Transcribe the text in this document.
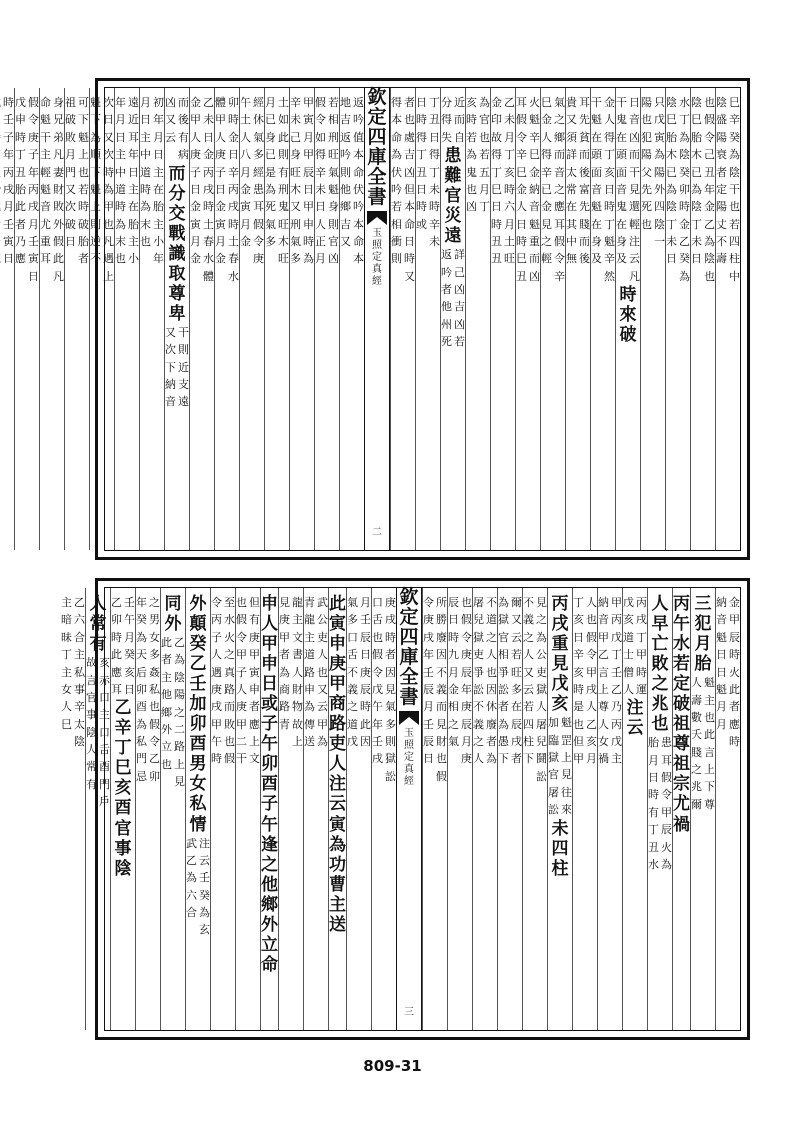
巳
辛
癸
為
陰
干
也
若
四
柱
中
陰
盛
陽
衰
者
定
陽
丈
不
壽
也
假
令
己
丑
年
金
乙
為
陰
也
陰
巳
胎
木
已
為
陰
丁
未
日
水
丁
為
陰
癸
卯
時
金
乙
癸
為
陰
巳
胎
木
已
為
陰
丁
未
日
只
戊
寅
為
陽
外
四
陰
一
陽
也
犯
陽
父
先
死
也
日
音
凶
而
干
見
還
輕
注
云
凡
干
鬼
在
頭
面
音
鬼
在
身
及
時
來
破
金
人
得
丁
亥
日
時
丁
魁
辛
然
干
魁
在
頭
面
音
魁
在
身
及
耳
先
貧
而
後
富
先
賤
而
後
貴
又
須
詳
太
常
在
其
中
無
氣
之
鄉
而
音
之
應
耳
假
令
辛
巳
金
人
得
辛
已
金
見
之
輕
火
魁
辛
巳
金
納
音
魁
重
而
凶
耳
假
令
辛
巳
金
人
日
時
巳
丑
乙
未
月
丁
亥
時
六
月
土
旺
金
印
故
得
丁
巳
日
時
丑
丑
為
官
也
若
五
月
丁
亥
時
若
為
鬼
也
凶
近
而
自
分
得
失
患
難
官
災
遠
詳
己
凶
吉
凶
若
返
吟
者
他
州
死
丁
丑
日
得
丁
未
時
辛
未
日
時
得
丁
丑
日
時
或
者
也
處
吉
凶
但
本
命
日
時
又
得
本
命
為
伏
吟
若
相
衝
則
欽
定
四
庫
全
書
玉
照
定
真
經
二
返
吟
值
本
命
伏
吟
本
命
本
地
吉
返
吟
則
他
鄉
吉
又
若
相
刑
旺
氣
魁
身
則
官
凶
假
令
如
得
辛
未
日
人
正
月
甲
寅
月
甲
辰
日
甲
申
時
為
辛
未
己
身
旺
木
又
刑
氣
多
土
如
此
則
有
刑
鬼
旺
木
旺
月
已
身
已
是
為
死
氣
多
經
休
氣
多
經
患
耳
假
令
庚
午
土
人
八
月
金
寅
月
金
卯
時
金
日
辛
丙
戌
時
土
春
水
體
甲
人
庚
子
日
金
寅
月
金
乙
未
日
金
丙
戌
時
土
春
水
體
金
甲
人
庚
子
日
金
寅
月
金
而
後
有
病
凶
又
云
而
分
交
戰
識
取
尊
卑
干
則
近
支
遠
又
次
下
納
音
初
年
月
日
主
在
胎
主
小
年
月
日
主
中
道
時
為
末
也
遠
近
耳
年
日
主
在
胎
主
小
年
月
日
主
中
道
時
為
末
也
次
日
又
次
時
為
甲
也
凡
遇
上
魁
下
為
順
下
魁
上
則
逆
不
可
下
魁
上
也
若
時
破
胎
者
祖
破
敗
月
門
又
次
破
日
身
兄
弟
凡
妻
財
敗
外
假
此
凡
命
魁
干
主
輕
魁
音
尤
重
耳
假
令
庚
子
年
丙
戌
月
壬
寅
日
戊
申
時
丁
丑
胎
此
者
乃
應
時
壬
子
年
丙
戌
月
壬
寅
日
金
甲
辰
時
火
此
者
應
時
納
音
魁
日
日
魁
月
月
三
犯
月
胎
魁
主
也
此
言
上
下
尊
人
壽
數
夭
賤
之
兆
爾
丙
午
水
若
定
破
祖
尊
祖
宗
尤
禍
人
早
亡
敗
之
兆
也
患
耳
假
令
甲
辰
火
為
胎
月
日
時
有
丁
丑
水
丙
戌
丁
甲
時
運
戊
亥
道
士
僧
人
注
云
甲
丙
戊
丁
壬
乙
乃
丙
戊
主
納
音
甲
乙
言
上
尊
人
女
禍
人
也
假
令
甲
戌
人
乙
亥
月
丁
亥
日
辛
亥
時
是
也
但
甲
丙
戌
重
見
戊
亥
魁
罡
上
見
往
來
加
臨
獄
官
屠
訟
未
四
柱
見
之
為
公
吏
獄
人
屠
兒
鬪
訟
不
義
之
人
又
云
若
四
柱
下
爾
又
云
若
旺
多
在
辰
戌
者
為
獄
官
相
爭
訟
者
為
愚
下
不
道
之
人
也
因
休
廢
者
為
屠
兒
獄
吏
爭
訟
不
義
之
人
也
假
令
庚
辰
年
庚
辰
月
庚
辰
日
時
九
月
金
相
之
氣
所
勝
廢
因
不
義
而
見
財
也
假
令
庚
戌
年
壬
辰
月
壬
辰
日
欽
定
四
庫
全
書
玉
照
定
真
經
三
庚
戌
時
者
因
見
氣
多
則
獄
訟
口
舌
也
假
令
戊
午
年
壬
戌
月
壬
辰
日
庚
辰
時
此
因
氣
多
口
舌
不
義
之
道
戊
此
寅
申
庚
甲
商
路
吏
人
注
云
寅
為
功
曹
主
送
武
公
吏
人
也
又
云
甲
為
青
龍
主
道
路
申
為
傳
送
龍
主
文
書
人
財
物
故
上
見
庚
甲
者
為
商
路
青
申
人
甲
申
日
或
子
午
卯
酉
子
午
逢
之
他
鄉
外
立
命
但
有
庚
甲
寅
申
者
應
上
文
也
假
令
甲
子
人
庚
甲
二
干
至
水
火
之
真
路
而
敗
也
假
令
丙
子
人
遇
庚
戌
甲
午
時
外
顛
癸
乙
壬
加
卯
酉
男
女
私
情
注
云
壬
癸
為
玄
武
乙
為
六
合
同
外
乙
為
陰
陽
之
二
路
上
見
此
者
主
他
鄉
外
立
也
之
男
女
多
姦
私
也
假
令
乙
卯
年
癸
為
天
后
卯
酉
為
私
門
忌
壬
午
月
癸
亥
日
乙
卯
時
此
應
耳
乙
辛
丁
巳
亥
酉
官
事
陰
人
常
有
亥
赤
口
主
口
舌
酉
門
戶
故
言
官
事
陰
人
常
有
乙
六
合
主
私
事
辛
太
陰
主
暗
昧
丁
主
女
人
巳
809-31
